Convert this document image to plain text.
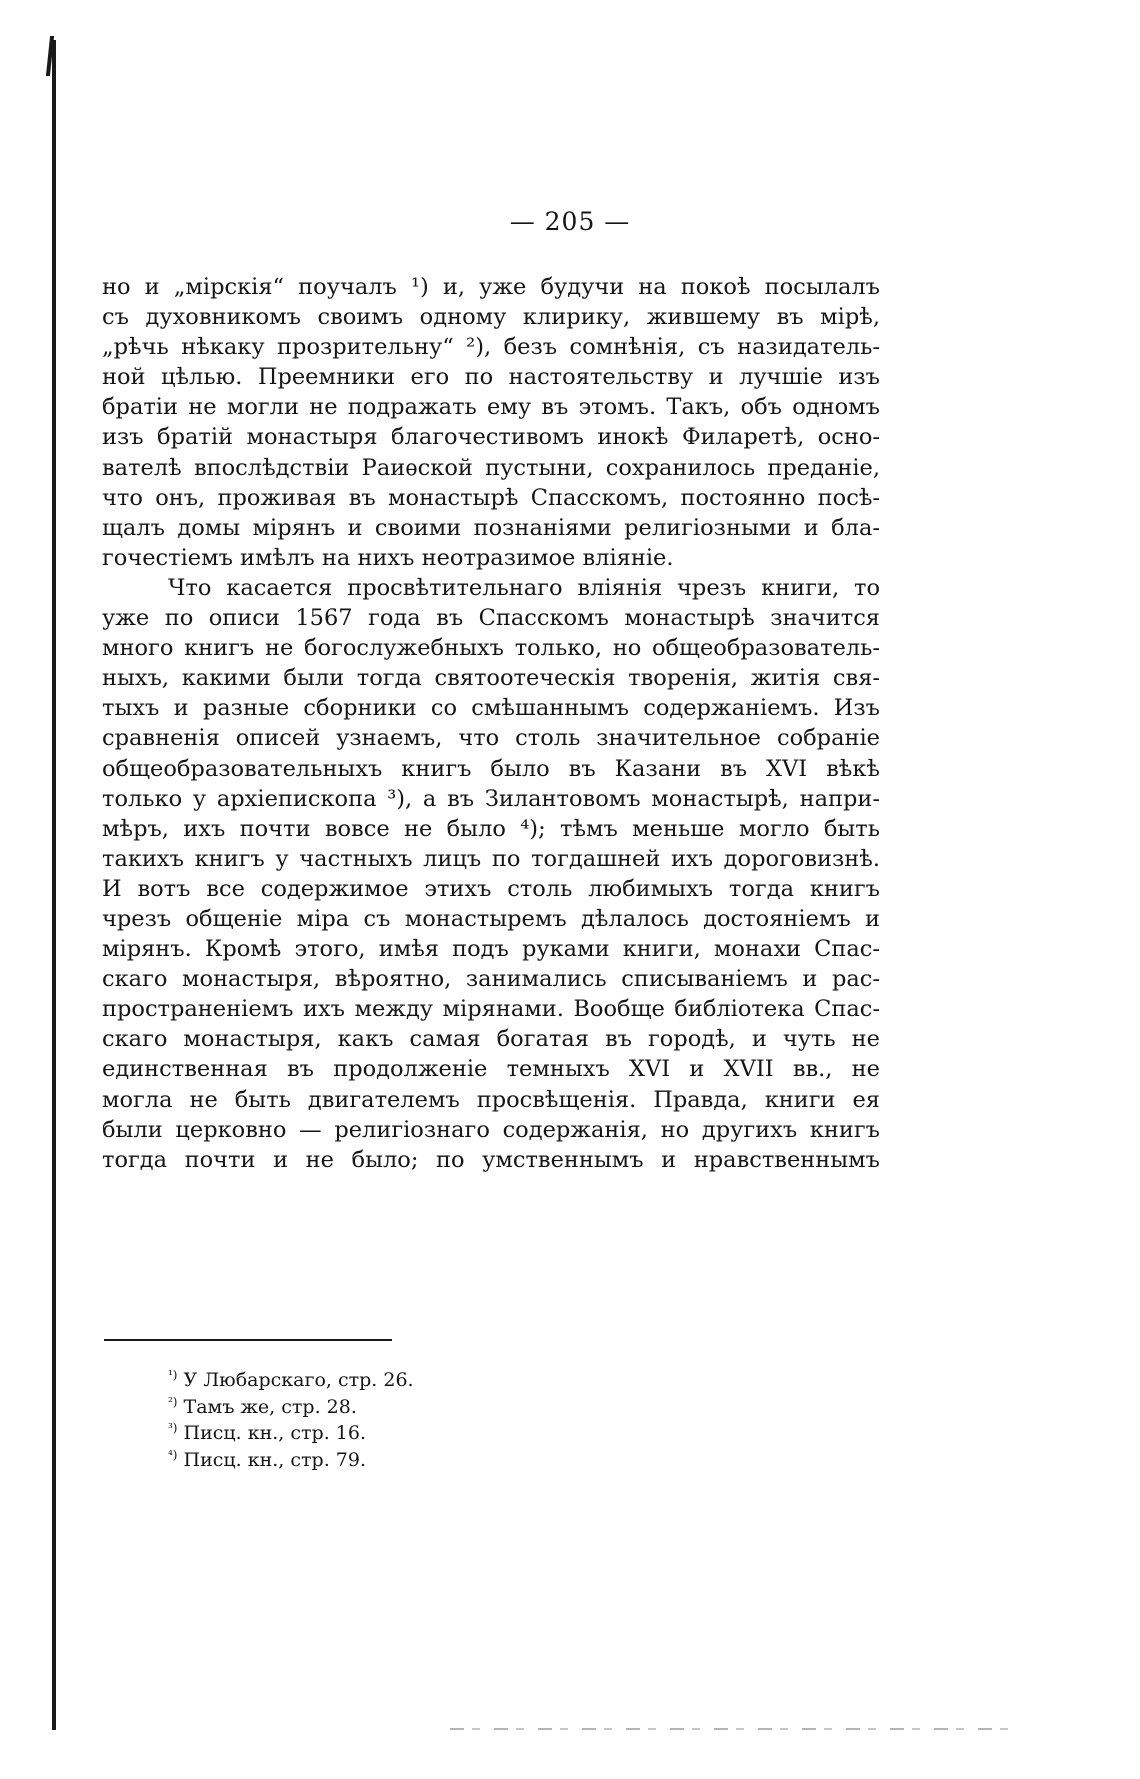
— 205 —
но и „мірскія“ поучалъ ¹) и, уже будучи на покоѣ посылалъ
съ духовникомъ своимъ одному клирику, жившему въ мірѣ,
„рѣчь нѣкаку прозрительну“ ²), безъ сомнѣнія, съ назидатель-
ной цѣлью. Преемники его по настоятельству и лучшіе изъ
братіи не могли не подражать ему въ этомъ. Такъ, объ одномъ
изъ братій монастыря благочестивомъ инокѣ Филаретѣ, осно-
вателѣ впослѣдствіи Раиѳской пустыни, сохранилось преданіе,
что онъ, проживая въ монастырѣ Спасскомъ, постоянно посѣ-
щалъ домы мірянъ и своими познаніями религіозными и бла-
гочестіемъ имѣлъ на нихъ неотразимое вліяніе.
Что касается просвѣтительнаго вліянія чрезъ книги, то
уже по описи 1567 года въ Спасскомъ монастырѣ значится
много книгъ не богослужебныхъ только, но общеобразователь-
ныхъ, какими были тогда святоотеческія творенія, житія свя-
тыхъ и разные сборники со смѣшаннымъ содержаніемъ. Изъ
сравненія описей узнаемъ, что столь значительное собраніе
общеобразовательныхъ книгъ было въ Казани въ XVI вѣкѣ
только у архіепископа ³), а въ Зилантовомъ монастырѣ, напри-
мѣръ, ихъ почти вовсе не было ⁴); тѣмъ меньше могло быть
такихъ книгъ у частныхъ лицъ по тогдашней ихъ дороговизнѣ.
И вотъ все содержимое этихъ столь любимыхъ тогда книгъ
чрезъ общеніе міра съ монастыремъ дѣлалось достояніемъ и
мірянъ. Кромѣ этого, имѣя подъ руками книги, монахи Спас-
скаго монастыря, вѣроятно, занимались списываніемъ и рас-
пространеніемъ ихъ между мірянами. Вообще библіотека Спас-
скаго монастыря, какъ самая богатая въ городѣ, и чуть не
единственная въ продолженіе темныхъ XVI и XVII вв., не
могла не быть двигателемъ просвѣщенія. Правда, книги ея
были церковно — религіознаго содержанія, но другихъ книгъ
тогда почти и не было; по умственнымъ и нравственнымъ
$^{^1)}$ У Любарскаго, стр. 26.
$^{^2)}$ Тамъ же, стр. 28.
$^{^3)}$ Писц. кн., стр. 16.
$^{^4)}$ Писц. кн., стр. 79.
